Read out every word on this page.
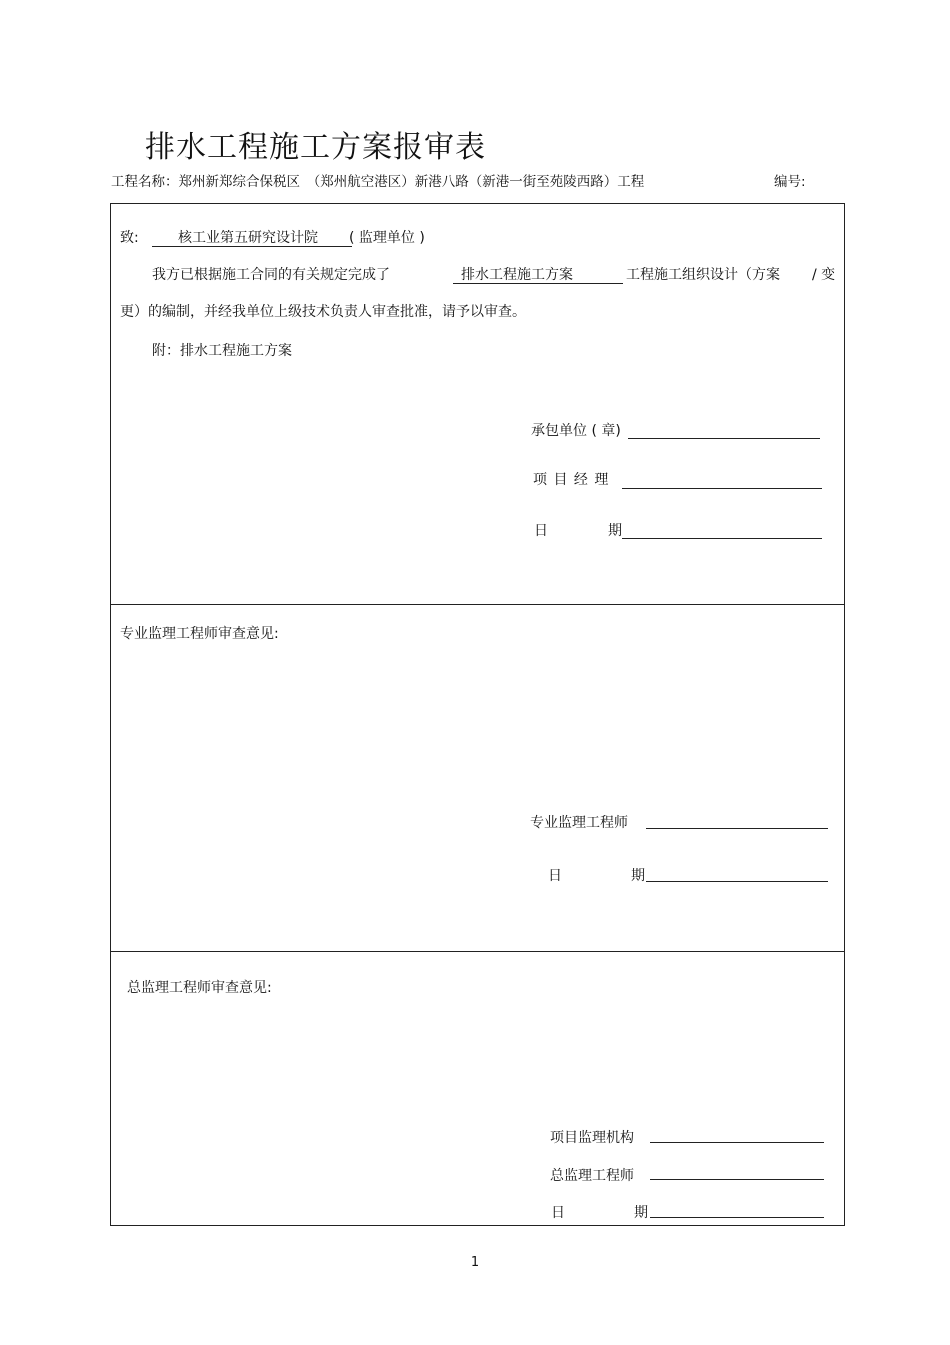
排水工程施工方案报审表
工程名称：郑州新郑综合保税区　（郑州航空港区）新港八路（新港一街至苑陵西路）工程	编号:
致:	核工业第五研究设计院 ( 监理单位 )
我方已根据施工合同的有关规定完成了	排水工程施工方案	工程施工组织设计（方案 / 变
更）的编制，并经我单位上级技术负责人审查批准，请予以审查。
附：排水工程施工方案
承包单位 ( 章)
项 目 经 理
日	期
专业监理工程师审查意见:
专业监理工程师
日	期
总监理工程师审查意见:
项目监理机构
总监理工程师
日	期
1
